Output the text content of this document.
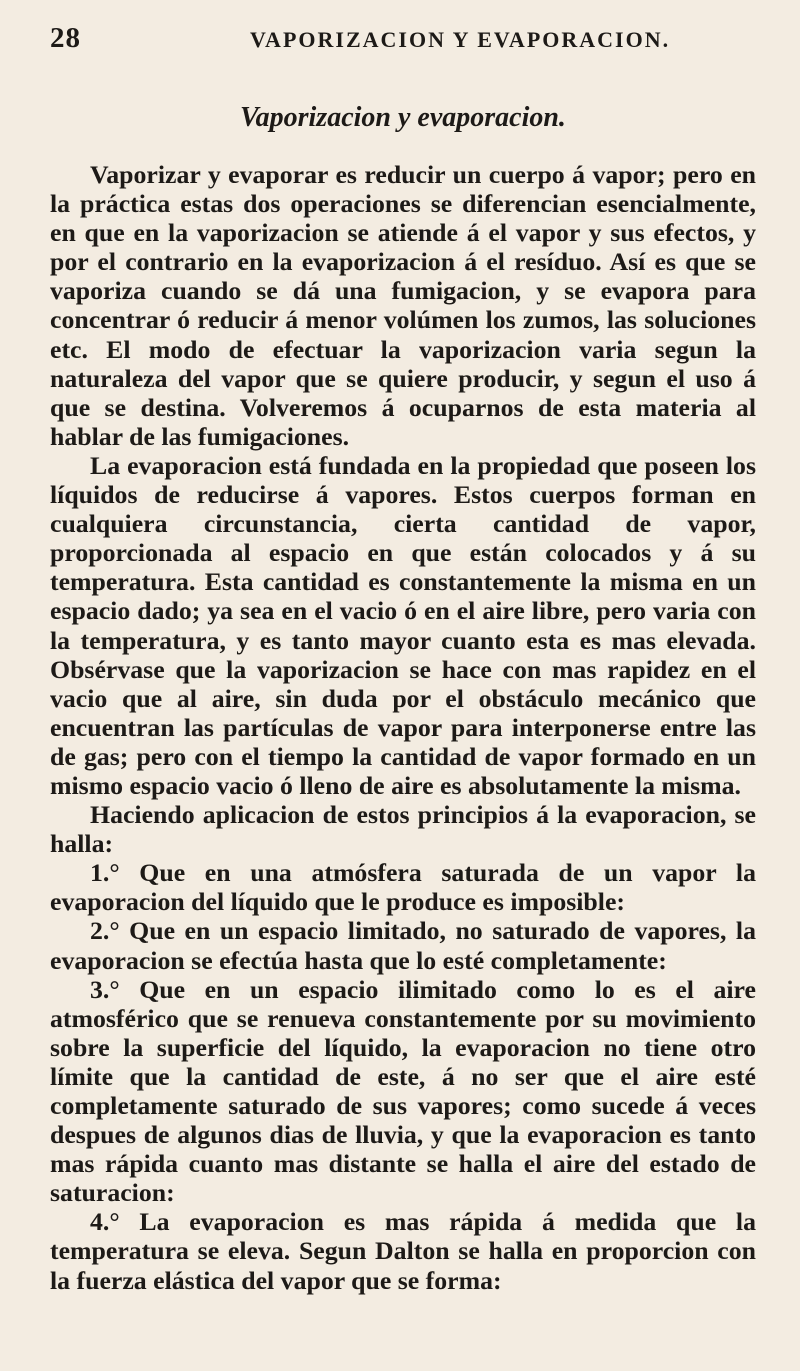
28	VAPORIZACION Y EVAPORACION.
Vaporizacion y evaporacion.

Vaporizar y evaporar es reducir un cuerpo á vapor; pero en la práctica estas dos operaciones se diferencian esencialmente, en que en la vaporizacion se atiende á el vapor y sus efectos, y por el contrario en la evaporizacion á el resíduo. Así es que se vaporiza cuando se dá una fumigacion, y se evapora para concentrar ó reducir á menor volúmen los zumos, las soluciones etc. El modo de efectuar la vaporizacion varia segun la naturaleza del vapor que se quiere producir, y segun el uso á que se destina. Volveremos á ocuparnos de esta materia al hablar de las fumigaciones.

La evaporacion está fundada en la propiedad que poseen los líquidos de reducirse á vapores. Estos cuerpos forman en cualquiera circunstancia, cierta cantidad de vapor, proporcionada al espacio en que están colocados y á su temperatura. Esta cantidad es constantemente la misma en un espacio dado; ya sea en el vacio ó en el aire libre, pero varia con la temperatura, y es tanto mayor cuanto esta es mas elevada. Obsérvase que la vaporizacion se hace con mas rapidez en el vacio que al aire, sin duda por el obstáculo mecánico que encuentran las partículas de vapor para interponerse entre las de gas; pero con el tiempo la cantidad de vapor formado en un mismo espacio vacio ó lleno de aire es absolutamente la misma.

Haciendo aplicacion de estos principios á la evaporacion, se halla:

1.° Que en una atmósfera saturada de un vapor la evaporacion del líquido que le produce es imposible:

2.° Que en un espacio limitado, no saturado de vapores, la evaporacion se efectúa hasta que lo esté completamente:

3.° Que en un espacio ilimitado como lo es el aire atmosférico que se renueva constantemente por su movimiento sobre la superficie del líquido, la evaporacion no tiene otro límite que la cantidad de este, á no ser que el aire esté completamente saturado de sus vapores; como sucede á veces despues de algunos dias de lluvia, y que la evaporacion es tanto mas rápida cuanto mas distante se halla el aire del estado de saturacion:

4.° La evaporacion es mas rápida á medida que la temperatura se eleva. Segun Dalton se halla en proporcion con la fuerza elástica del vapor que se forma:
